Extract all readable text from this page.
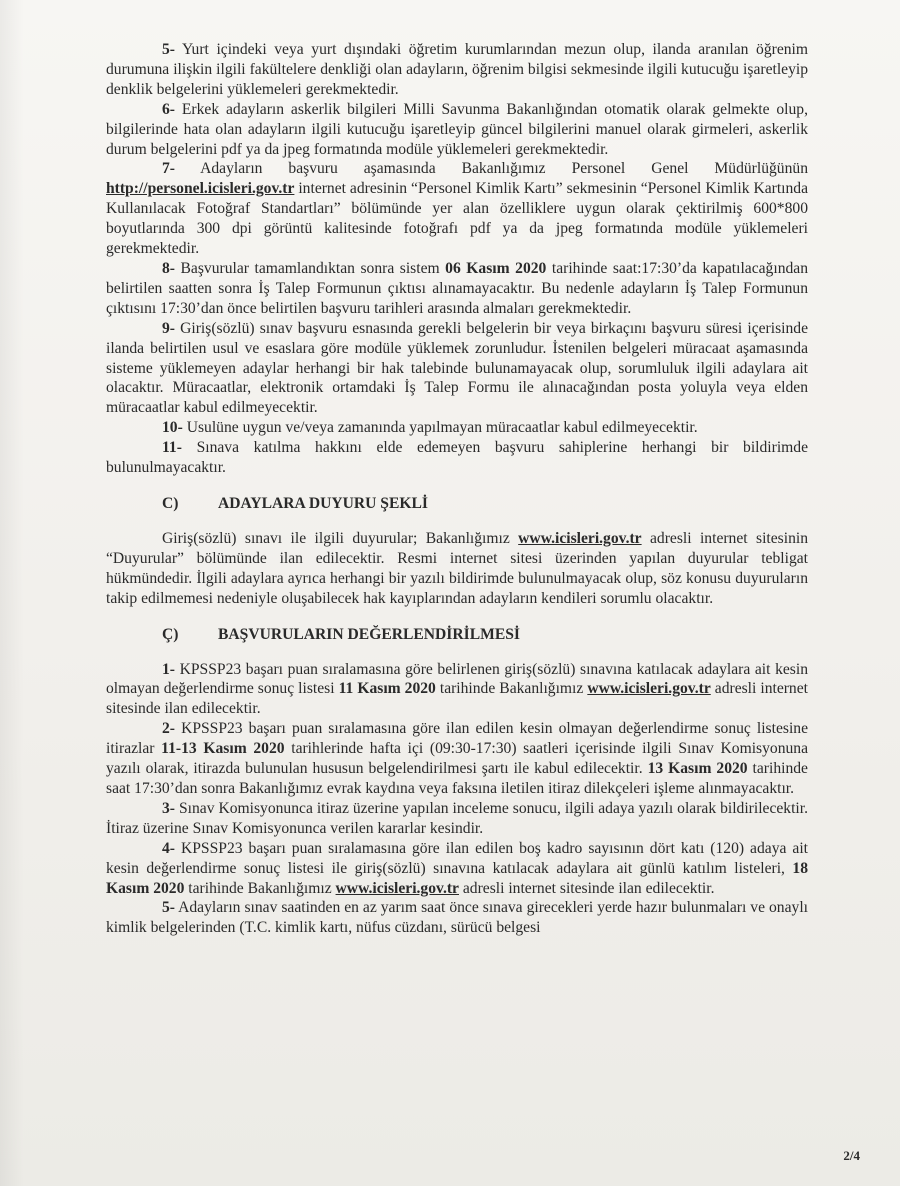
5- Yurt içindeki veya yurt dışındaki öğretim kurumlarından mezun olup, ilanda aranılan öğrenim durumuna ilişkin ilgili fakültelere denkliği olan adayların, öğrenim bilgisi sekmesinde ilgili kutucuğu işaretleyip denklik belgelerini yüklemeleri gerekmektedir.

6- Erkek adayların askerlik bilgileri Milli Savunma Bakanlığından otomatik olarak gelmekte olup, bilgilerinde hata olan adayların ilgili kutucuğu işaretleyip güncel bilgilerini manuel olarak girmeleri, askerlik durum belgelerini pdf ya da jpeg formatında modüle yüklemeleri gerekmektedir.

7- Adayların başvuru aşamasında Bakanlığımız Personel Genel Müdürlüğünün http://personel.icisleri.gov.tr internet adresinin “Personel Kimlik Kartı” sekmesinin “Personel Kimlik Kartında Kullanılacak Fotoğraf Standartları” bölümünde yer alan özelliklere uygun olarak çektirilmiş 600*800 boyutlarında 300 dpi görüntü kalitesinde fotoğrafı pdf ya da jpeg formatında modüle yüklemeleri gerekmektedir.

8- Başvurular tamamlandıktan sonra sistem 06 Kasım 2020 tarihinde saat:17:30’da kapatılacağından belirtilen saatten sonra İş Talep Formunun çıktısı alınamayacaktır. Bu nedenle adayların İş Talep Formunun çıktısını 17:30’dan önce belirtilen başvuru tarihleri arasında almaları gerekmektedir.

9- Giriş(sözlü) sınav başvuru esnasında gerekli belgelerin bir veya birkaçını başvuru süresi içerisinde ilanda belirtilen usul ve esaslara göre modüle yüklemek zorunludur. İstenilen belgeleri müracaat aşamasında sisteme yüklemeyen adaylar herhangi bir hak talebinde bulunamayacak olup, sorumluluk ilgili adaylara ait olacaktır. Müracaatlar, elektronik ortamdaki İş Talep Formu ile alınacağından posta yoluyla veya elden müracaatlar kabul edilmeyecektir.

10- Usulüne uygun ve/veya zamanında yapılmayan müracaatlar kabul edilmeyecektir.

11- Sınava katılma hakkını elde edemeyen başvuru sahiplerine herhangi bir bildirimde bulunulmayacaktır.

C)	ADAYLARA DUYURU ŞEKLİ

Giriş(sözlü) sınavı ile ilgili duyurular; Bakanlığımız www.icisleri.gov.tr adresli internet sitesinin “Duyurular” bölümünde ilan edilecektir. Resmi internet sitesi üzerinden yapılan duyurular tebligat hükmündedir. İlgili adaylara ayrıca herhangi bir yazılı bildirimde bulunulmayacak olup, söz konusu duyuruların takip edilmemesi nedeniyle oluşabilecek hak kayıplarından adayların kendileri sorumlu olacaktır.

Ç)	BAŞVURULARIN DEĞERLENDİRİLMESİ

1- KPSSP23 başarı puan sıralamasına göre belirlenen giriş(sözlü) sınavına katılacak adaylara ait kesin olmayan değerlendirme sonuç listesi 11 Kasım 2020 tarihinde Bakanlığımız www.icisleri.gov.tr adresli internet sitesinde ilan edilecektir.

2- KPSSP23 başarı puan sıralamasına göre ilan edilen kesin olmayan değerlendirme sonuç listesine itirazlar 11-13 Kasım 2020 tarihlerinde hafta içi (09:30-17:30) saatleri içerisinde ilgili Sınav Komisyonuna yazılı olarak, itirazda bulunulan hususun belgelendirilmesi şartı ile kabul edilecektir. 13 Kasım 2020 tarihinde saat 17:30’dan sonra Bakanlığımız evrak kaydına veya faksına iletilen itiraz dilekçeleri işleme alınmayacaktır.

3- Sınav Komisyonunca itiraz üzerine yapılan inceleme sonucu, ilgili adaya yazılı olarak bildirilecektir. İtiraz üzerine Sınav Komisyonunca verilen kararlar kesindir.

4- KPSSP23 başarı puan sıralamasına göre ilan edilen boş kadro sayısının dört katı (120) adaya ait kesin değerlendirme sonuç listesi ile giriş(sözlü) sınavına katılacak adaylara ait günlü katılım listeleri, 18 Kasım 2020 tarihinde Bakanlığımız www.icisleri.gov.tr adresli internet sitesinde ilan edilecektir.

5- Adayların sınav saatinden en az yarım saat önce sınava girecekleri yerde hazır bulunmaları ve onaylı kimlik belgelerinden (T.C. kimlik kartı, nüfus cüzdanı, sürücü belgesi

2/4
